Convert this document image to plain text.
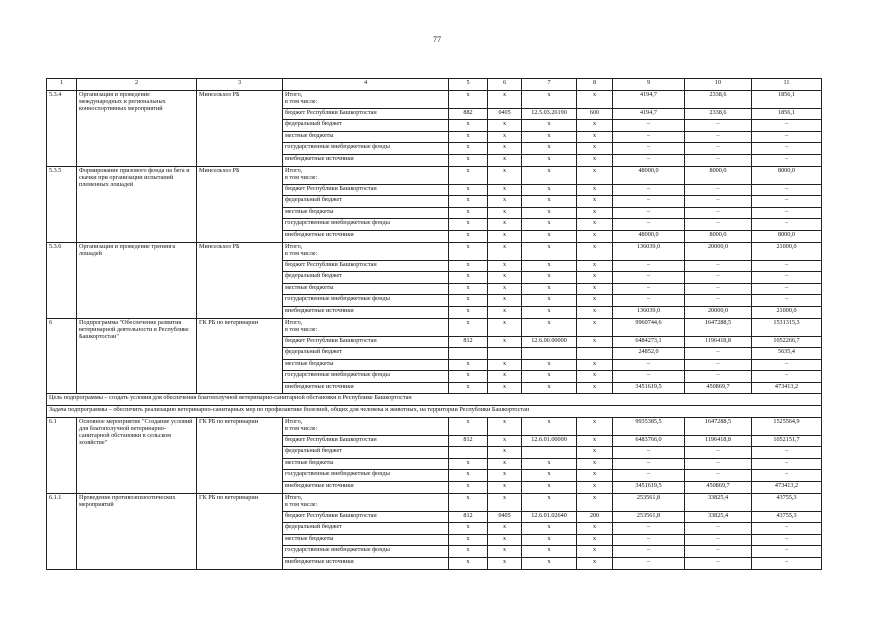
77
1	2	3	4	5	6	7	8	9	10	11
5.3.4	Организация и проведение международных и региональных конноспортивных мероприятий	Минсельхоз РБ	Итого,
в том числе:	x	x	x	x	4194,7	2338,6	1856,1
			бюджет Республики Башкортостан	882	0405	12.5.03.26190	600	4194,7	2338,6	1856,1
			федеральный бюджет	x	x	x	x	–	–	–
			местные бюджеты	x	x	x	x	–	–	–
			государственные внебюджетные фонды	x	x	x	x	–	–	–
			внебюджетные источники	x	x	x	x	–	–	–
5.3.5	Формирование призового фонда на бега и скачки при организации испытаний племенных лошадей	Минсельхоз РБ	Итого,
в том числе:	x	x	x	x	48000,0	8000,0	8000,0
			бюджет Республики Башкортостан	x	x	x	x	–	–	–
			федеральный бюджет	x	x	x	x	–	–	–
			местные бюджеты	x	x	x	x	–	–	–
			государственные внебюджетные фонды	x	x	x	x	–	–	–
			внебюджетные источники	x	x	x	x	48000,0	8000,0	8000,0
5.3.6	Организация и проведение тренинга лошадей	Минсельхоз РБ	Итого,
в том числе:	x	x	x	x	136039,0	20000,0	21000,0
			бюджет Республики Башкортостан	x	x	x	x	–	–	–
			федеральный бюджет	x	x	x	x	–	–	–
			местные бюджеты	x	x	x	x	–	–	–
			государственные внебюджетные фонды	x	x	x	x	–	–	–
			внебюджетные источники	x	x	x	x	136039,0	20000,0	21000,0
6	Подпрограмма "Обеспечение развития ветеринарной деятельности в Республике Башкортостан"	ГК РБ по ветеринарии	Итого,
в том числе:	x	x	x	x	9960744,6	1647288,5	1531315,3
			бюджет Республики Башкортостан	812	x	12.6.00.00000	x	6484273,1	1196418,8	1052266,7
			федеральный бюджет					24852,0	–	5635,4
			местные бюджеты	x	x	x	x	–	–	–
			государственные внебюджетные фонды	x	x	x	x	–	–	–
			внебюджетные источники	x	x	x	x	3451619,5	450869,7	473413,2
Цель подпрограммы – создать условия для обеспечения благополучной ветеринарно-санитарной обстановки в Республике Башкортостан										
Задача подпрограммы – обеспечить реализацию ветеринарно-санитарных мер по профилактике болезней, общих для человека и животных, на территории Республики Башкортостан										
6.1	Основное мероприятие "Создание условий для благополучной ветеринарно-санитарной обстановки в сельском хозяйстве"	ГК РБ по ветеринарии	Итого,
в том числе:	x	x	x	x	9935385,5	1647288,5	1525564,9
			бюджет Республики Башкортостан	812	x	12.6.01.00000	x	6483766,0	1196418,8	1052151,7
			федеральный бюджет		x		x	–	–	–
			местные бюджеты	x	x	x	x	–	–	–
			государственные внебюджетные фонды	x	x	x	x	–	–	–
			внебюджетные источники	x	x	x	x	3451619,5	450869,7	473413,2
6.1.1	Проведение противоэпизоотических мероприятий	ГК РБ по ветеринарии	Итого,
в том числе:	x	x	x	x	253561,8	33825,4	43755,3
			бюджет Республики Башкортостан	812	0405	12.6.01.02640	200	253561,8	33825,4	43755,3
			федеральный бюджет	x	x	x	x	–	–	–
			местные бюджеты	x	x	x	x	–	–	–
			государственные внебюджетные фонды	x	x	x	x	–	–	–
			внебюджетные источники	x	x	x	x	–	–	–
